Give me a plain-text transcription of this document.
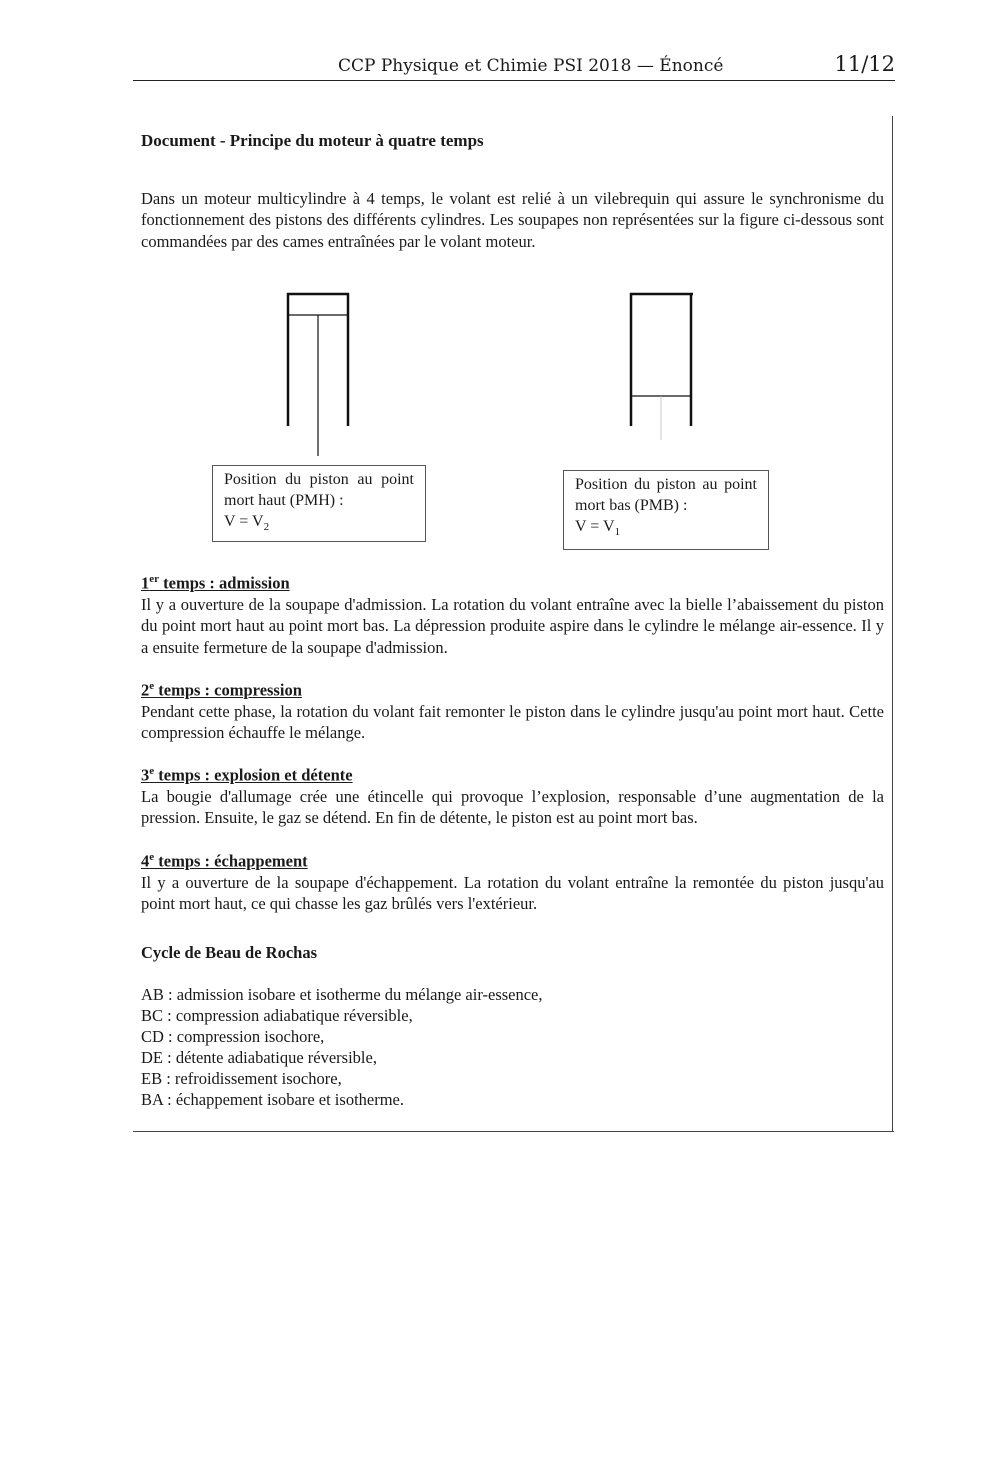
CCP Physique et Chimie PSI 2018 — Énoncé	11/12
Document - Principe du moteur à quatre temps

Dans un moteur multicylindre à 4 temps, le volant est relié à un vilebrequin qui assure le synchronisme du fonctionnement des pistons des différents cylindres. Les soupapes non représentées sur la figure ci-dessous sont commandées par des cames entraînées par le volant moteur.

Position du piston au point mort haut (PMH) :
$V = V_2$
Position du piston au point mort bas (PMB) :
$V = V_1$
1er temps : admission

Il y a ouverture de la soupape d'admission. La rotation du volant entraîne avec la bielle l’abaissement du piston du point mort haut au point mort bas. La dépression produite aspire dans le cylindre le mélange air-essence. Il y a ensuite fermeture de la soupape d'admission.

2e temps : compression

Pendant cette phase, la rotation du volant fait remonter le piston dans le cylindre jusqu'au point mort haut. Cette compression échauffe le mélange.

3e temps : explosion et détente

La bougie d'allumage crée une étincelle qui provoque l’explosion, responsable d’une augmentation de la pression. Ensuite, le gaz se détend. En fin de détente, le piston est au point mort bas.

4e temps : échappement

Il y a ouverture de la soupape d'échappement. La rotation du volant entraîne la remontée du piston jusqu'au point mort haut, ce qui chasse les gaz brûlés vers l'extérieur.

Cycle de Beau de Rochas
AB : admission isobare et isotherme du mélange air-essence,
BC : compression adiabatique réversible,
CD : compression isochore,
DE : détente adiabatique réversible,
EB : refroidissement isochore,
BA : échappement isobare et isotherme.
